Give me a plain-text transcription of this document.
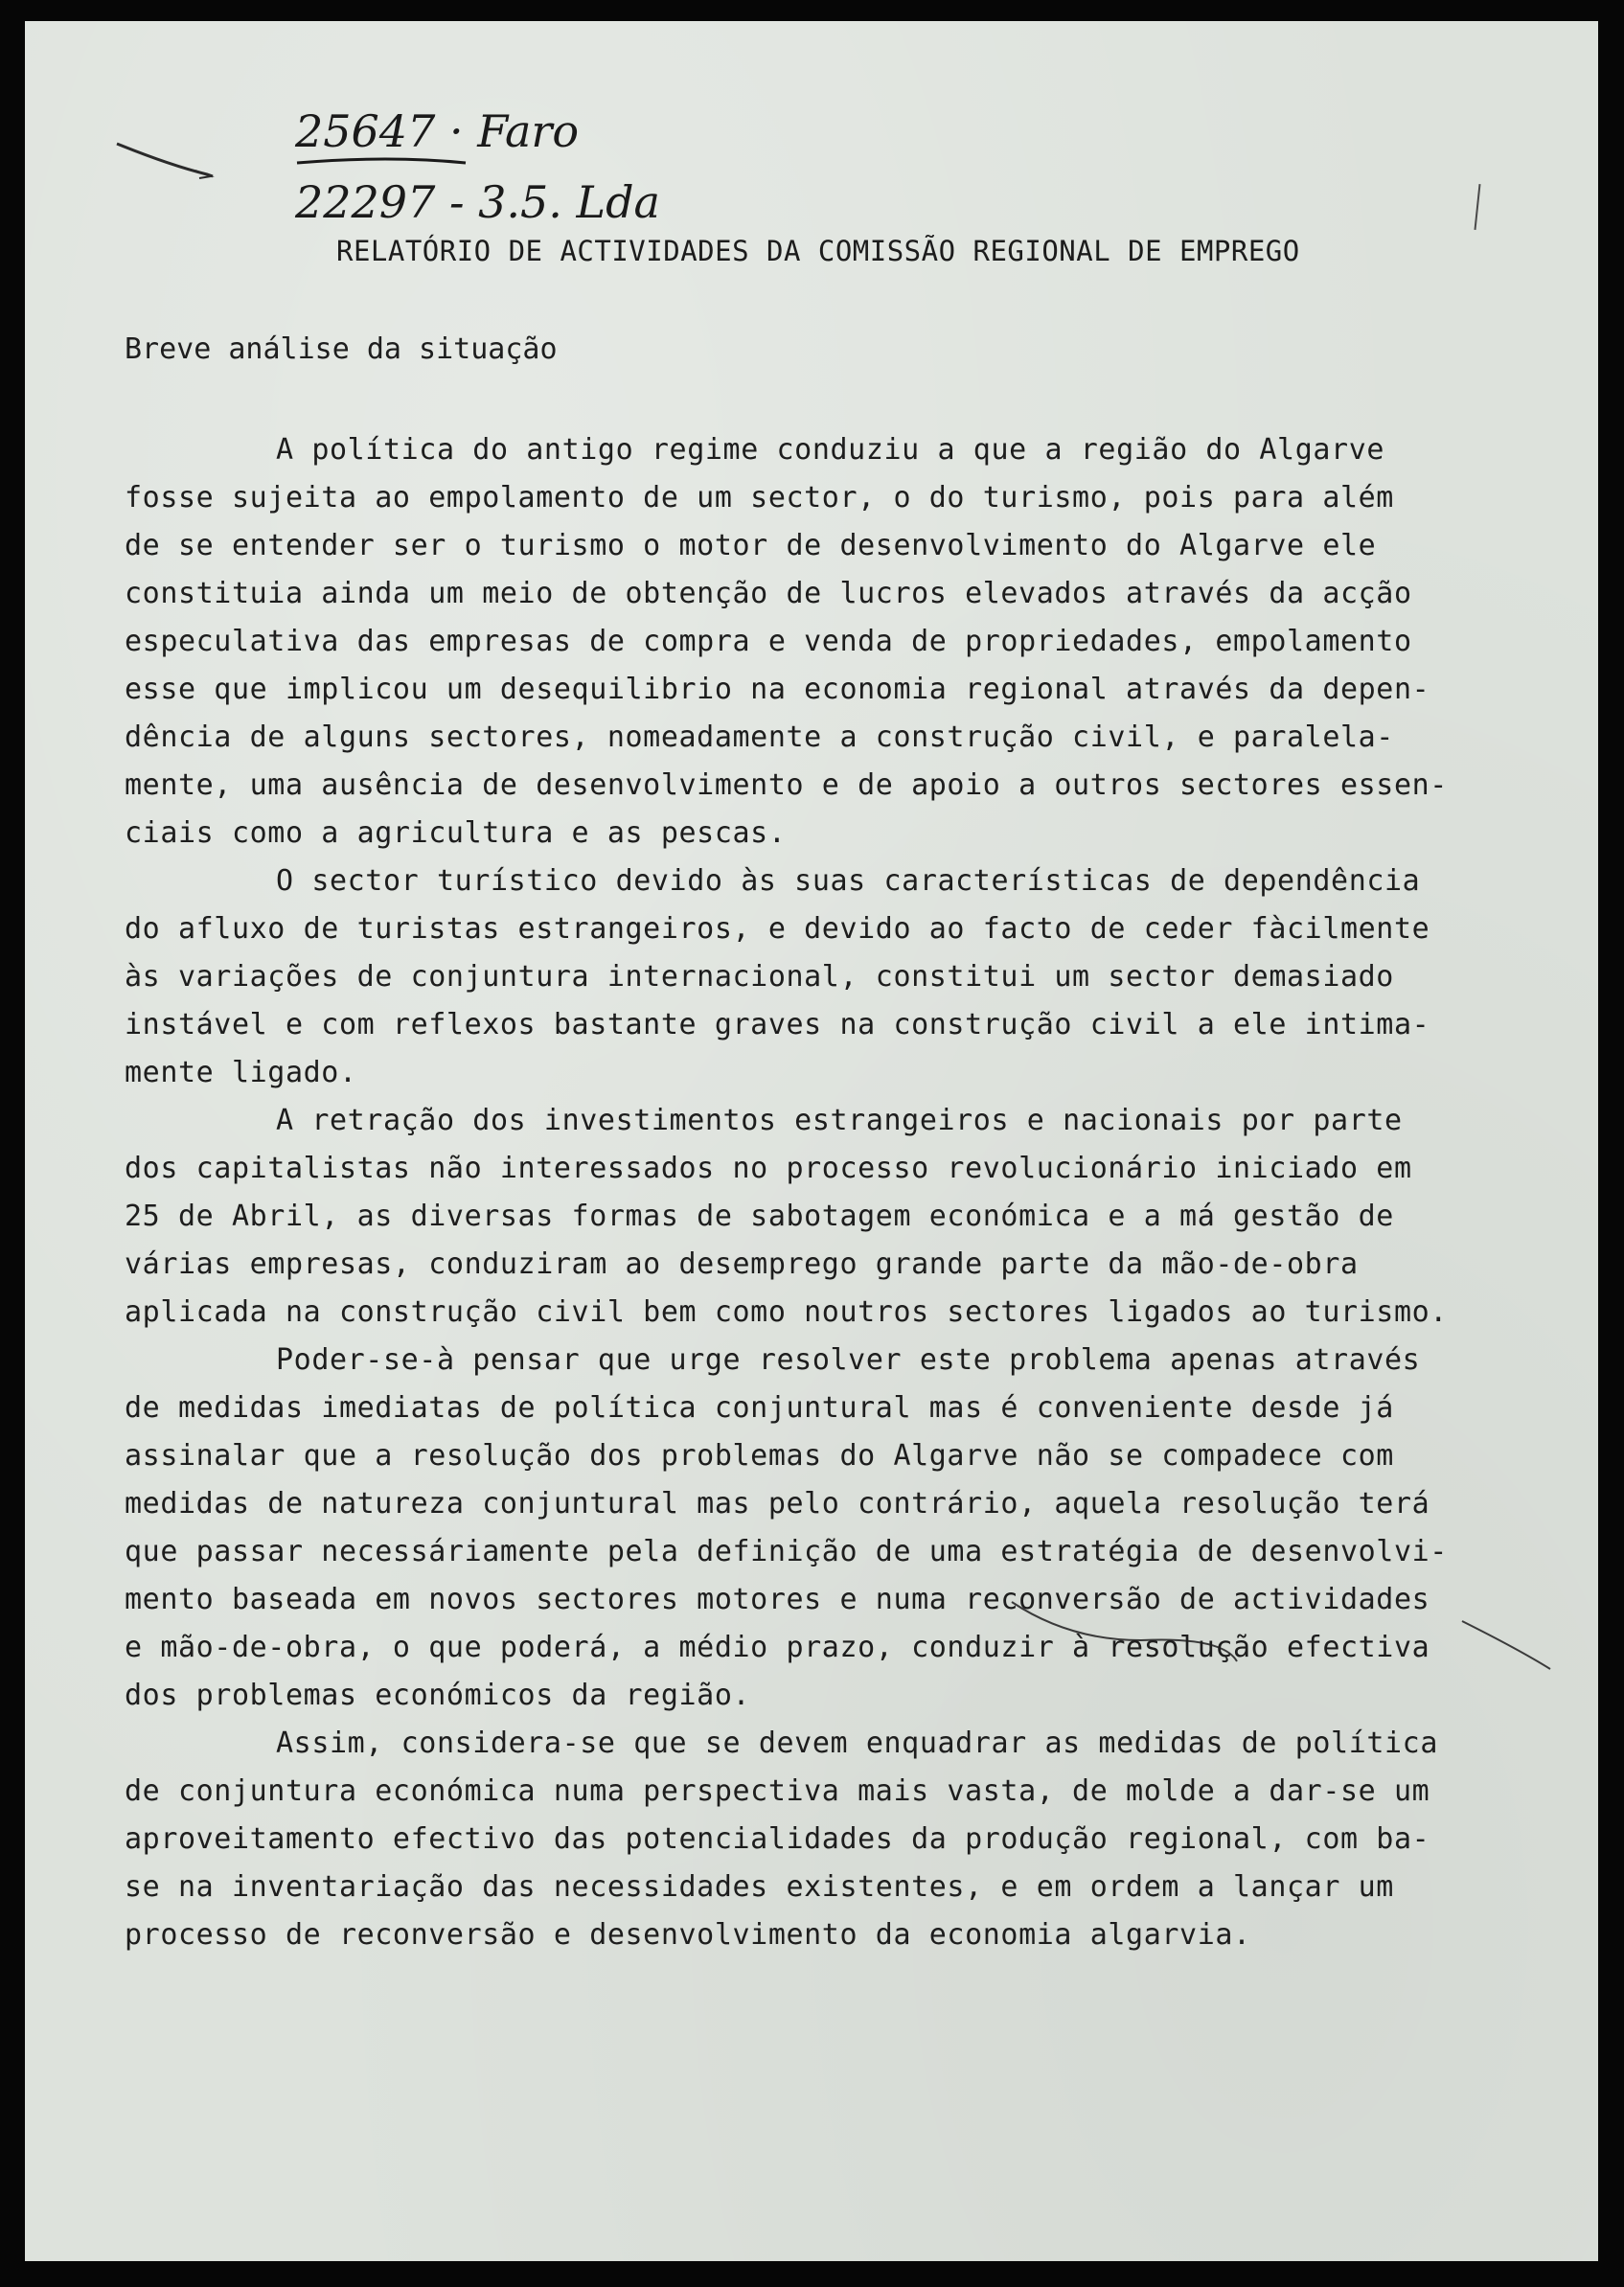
25647 · Faro
22297 - 3.5. Lda
RELATÓRIO DE ACTIVIDADES DA COMISSÃO REGIONAL DE EMPREGO
Breve análise da situação
A política do antigo regime conduziu a que a região do Algarve
fosse sujeita ao empolamento de um sector, o do turismo, pois para além
de se entender ser o turismo o motor de desenvolvimento do Algarve ele
constituia ainda um meio de obtenção de lucros elevados através da acção
especulativa das empresas de compra e venda de propriedades, empolamento
esse que implicou um desequilibrio na economia regional através da depen-
dência de alguns sectores, nomeadamente a construção civil, e paralela-
mente, uma ausência de desenvolvimento e de apoio a outros sectores essen-
ciais como a agricultura e as pescas.
O sector turístico devido às suas características de dependência
do afluxo de turistas estrangeiros, e devido ao facto de ceder fàcilmente
às variações de conjuntura internacional, constitui um sector demasiado
instável e com reflexos bastante graves na construção civil a ele intima-
mente ligado.
A retração dos investimentos estrangeiros e nacionais por parte
dos capitalistas não interessados no processo revolucionário iniciado em
25 de Abril, as diversas formas de sabotagem económica e a má gestão de
várias empresas, conduziram ao desemprego grande parte da mão-de-obra
aplicada na construção civil bem como noutros sectores ligados ao turismo.
Poder-se-à pensar que urge resolver este problema apenas através
de medidas imediatas de política conjuntural mas é conveniente desde já
assinalar que a resolução dos problemas do Algarve não se compadece com
medidas de natureza conjuntural mas pelo contrário, aquela resolução terá
que passar necessáriamente pela definição de uma estratégia de desenvolvi-
mento baseada em novos sectores motores e numa reconversão de actividades
e mão-de-obra, o que poderá, a médio prazo, conduzir à resolução efectiva
dos problemas económicos da região.
Assim, considera-se que se devem enquadrar as medidas de política
de conjuntura económica numa perspectiva mais vasta, de molde a dar-se um
aproveitamento efectivo das potencialidades da produção regional, com ba-
se na inventariação das necessidades existentes, e em ordem a lançar um
processo de reconversão e desenvolvimento da economia algarvia.
